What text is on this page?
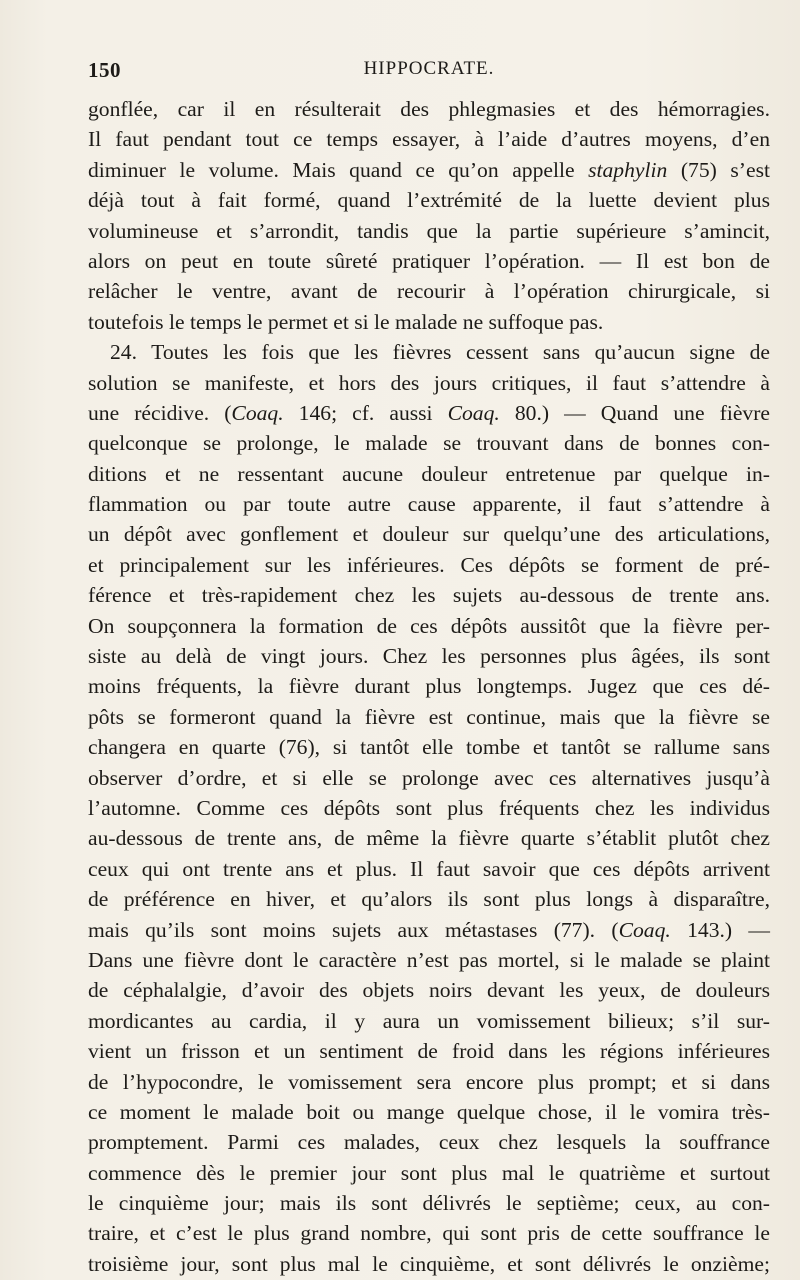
150	HIPPOCRATE.
gonflée, car il en résulterait des phlegmasies et des hémorragies.
Il faut pendant tout ce temps essayer, à l’aide d’autres moyens, d’en
diminuer le volume. Mais quand ce qu’on appelle staphylin (75) s’est
déjà tout à fait formé, quand l’extrémité de la luette devient plus
volumineuse et s’arrondit, tandis que la partie supérieure s’amincit,
alors on peut en toute sûreté pratiquer l’opération. — Il est bon de
relâcher le ventre, avant de recourir à l’opération chirurgicale, si
toutefois le temps le permet et si le malade ne suffoque pas.
24. Toutes les fois que les fièvres cessent sans qu’aucun signe de
solution se manifeste, et hors des jours critiques, il faut s’attendre à
une récidive. (Coaq. 146; cf. aussi Coaq. 80.) — Quand une fièvre
quelconque se prolonge, le malade se trouvant dans de bonnes con-
ditions et ne ressentant aucune douleur entretenue par quelque in-
flammation ou par toute autre cause apparente, il faut s’attendre à
un dépôt avec gonflement et douleur sur quelqu’une des articulations,
et principalement sur les inférieures. Ces dépôts se forment de pré-
férence et très-rapidement chez les sujets au-dessous de trente ans.
On soupçonnera la formation de ces dépôts aussitôt que la fièvre per-
siste au delà de vingt jours. Chez les personnes plus âgées, ils sont
moins fréquents, la fièvre durant plus longtemps. Jugez que ces dé-
pôts se formeront quand la fièvre est continue, mais que la fièvre se
changera en quarte (76), si tantôt elle tombe et tantôt se rallume sans
observer d’ordre, et si elle se prolonge avec ces alternatives jusqu’à
l’automne. Comme ces dépôts sont plus fréquents chez les individus
au-dessous de trente ans, de même la fièvre quarte s’établit plutôt chez
ceux qui ont trente ans et plus. Il faut savoir que ces dépôts arrivent
de préférence en hiver, et qu’alors ils sont plus longs à disparaître,
mais qu’ils sont moins sujets aux métastases (77). (Coaq. 143.) —
Dans une fièvre dont le caractère n’est pas mortel, si le malade se plaint
de céphalalgie, d’avoir des objets noirs devant les yeux, de douleurs
mordicantes au cardia, il y aura un vomissement bilieux; s’il sur-
vient un frisson et un sentiment de froid dans les régions inférieures
de l’hypocondre, le vomissement sera encore plus prompt; et si dans
ce moment le malade boit ou mange quelque chose, il le vomira très-
promptement. Parmi ces malades, ceux chez lesquels la souffrance
commence dès le premier jour sont plus mal le quatrième et surtout
le cinquième jour; mais ils sont délivrés le septième; ceux, au con-
traire, et c’est le plus grand nombre, qui sont pris de cette souffrance le
troisième jour, sont plus mal le cinquième, et sont délivrés le onzième;
